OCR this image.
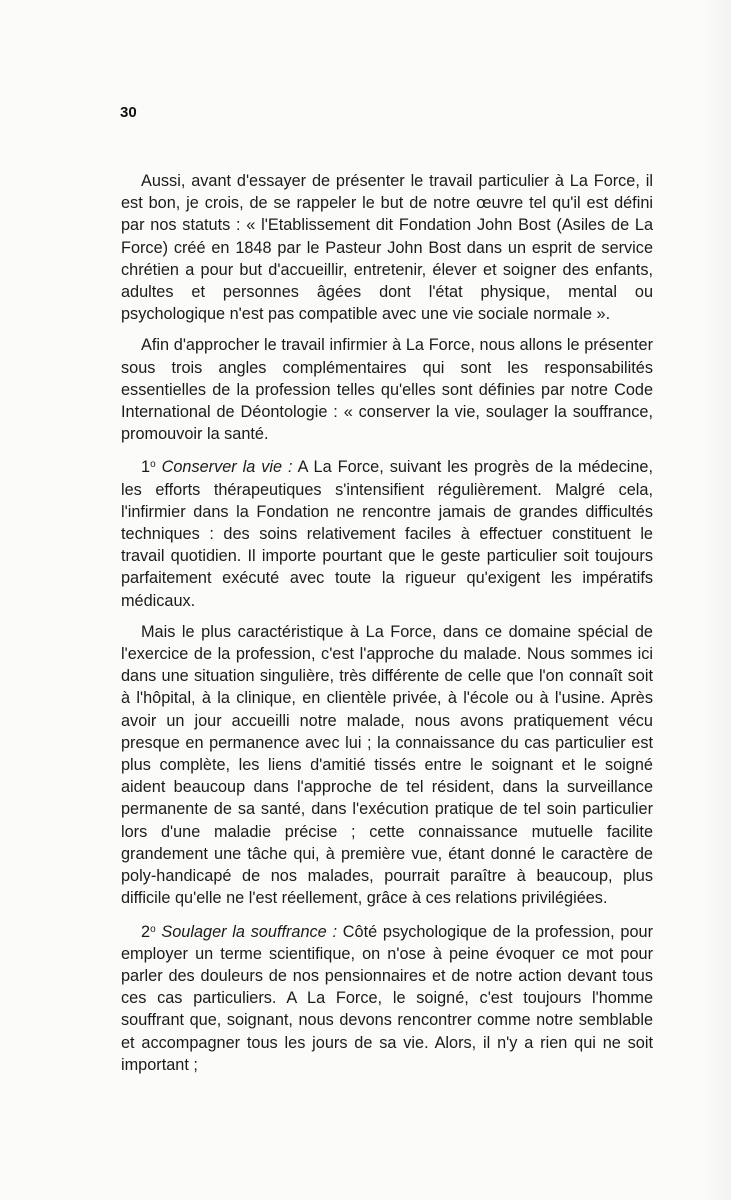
30

Aussi, avant d'essayer de présenter le travail particulier à La Force, il est bon, je crois, de se rappeler le but de notre œuvre tel qu'il est défini par nos statuts : « l'Etablissement dit Fondation John Bost (Asiles de La Force) créé en 1848 par le Pasteur John Bost dans un esprit de service chrétien a pour but d'accueillir, entretenir, élever et soigner des enfants, adultes et personnes âgées dont l'état physique, mental ou psychologique n'est pas compatible avec une vie sociale normale ».

Afin d'approcher le travail infirmier à La Force, nous allons le présenter sous trois angles complémentaires qui sont les responsabilités essentielles de la profession telles qu'elles sont définies par notre Code International de Déontologie : « conserver la vie, soulager la souffrance, promouvoir la santé.

1$^o$ Conserver la vie : A La Force, suivant les progrès de la médecine, les efforts thérapeutiques s'intensifient régulièrement. Malgré cela, l'infirmier dans la Fondation ne rencontre jamais de grandes difficultés techniques : des soins relativement faciles à effectuer constituent le travail quotidien. Il importe pourtant que le geste particulier soit toujours parfaitement exécuté avec toute la rigueur qu'exigent les impératifs médicaux.

Mais le plus caractéristique à La Force, dans ce domaine spécial de l'exercice de la profession, c'est l'approche du malade. Nous sommes ici dans une situation singulière, très différente de celle que l'on connaît soit à l'hôpital, à la clinique, en clientèle privée, à l'école ou à l'usine. Après avoir un jour accueilli notre malade, nous avons pratiquement vécu presque en permanence avec lui ; la connaissance du cas particulier est plus complète, les liens d'amitié tissés entre le soignant et le soigné aident beaucoup dans l'approche de tel résident, dans la surveillance permanente de sa santé, dans l'exécution pratique de tel soin particulier lors d'une maladie précise ; cette connaissance mutuelle facilite grandement une tâche qui, à première vue, étant donné le caractère de poly-handicapé de nos malades, pourrait paraître à beaucoup, plus difficile qu'elle ne l'est réellement, grâce à ces relations privilégiées.

2$^o$ Soulager la souffrance : Côté psychologique de la profession, pour employer un terme scientifique, on n'ose à peine évoquer ce mot pour parler des douleurs de nos pensionnaires et de notre action devant tous ces cas particuliers. A La Force, le soigné, c'est toujours l'homme souffrant que, soignant, nous devons rencontrer comme notre semblable et accompagner tous les jours de sa vie. Alors, il n'y a rien qui ne soit important ;
